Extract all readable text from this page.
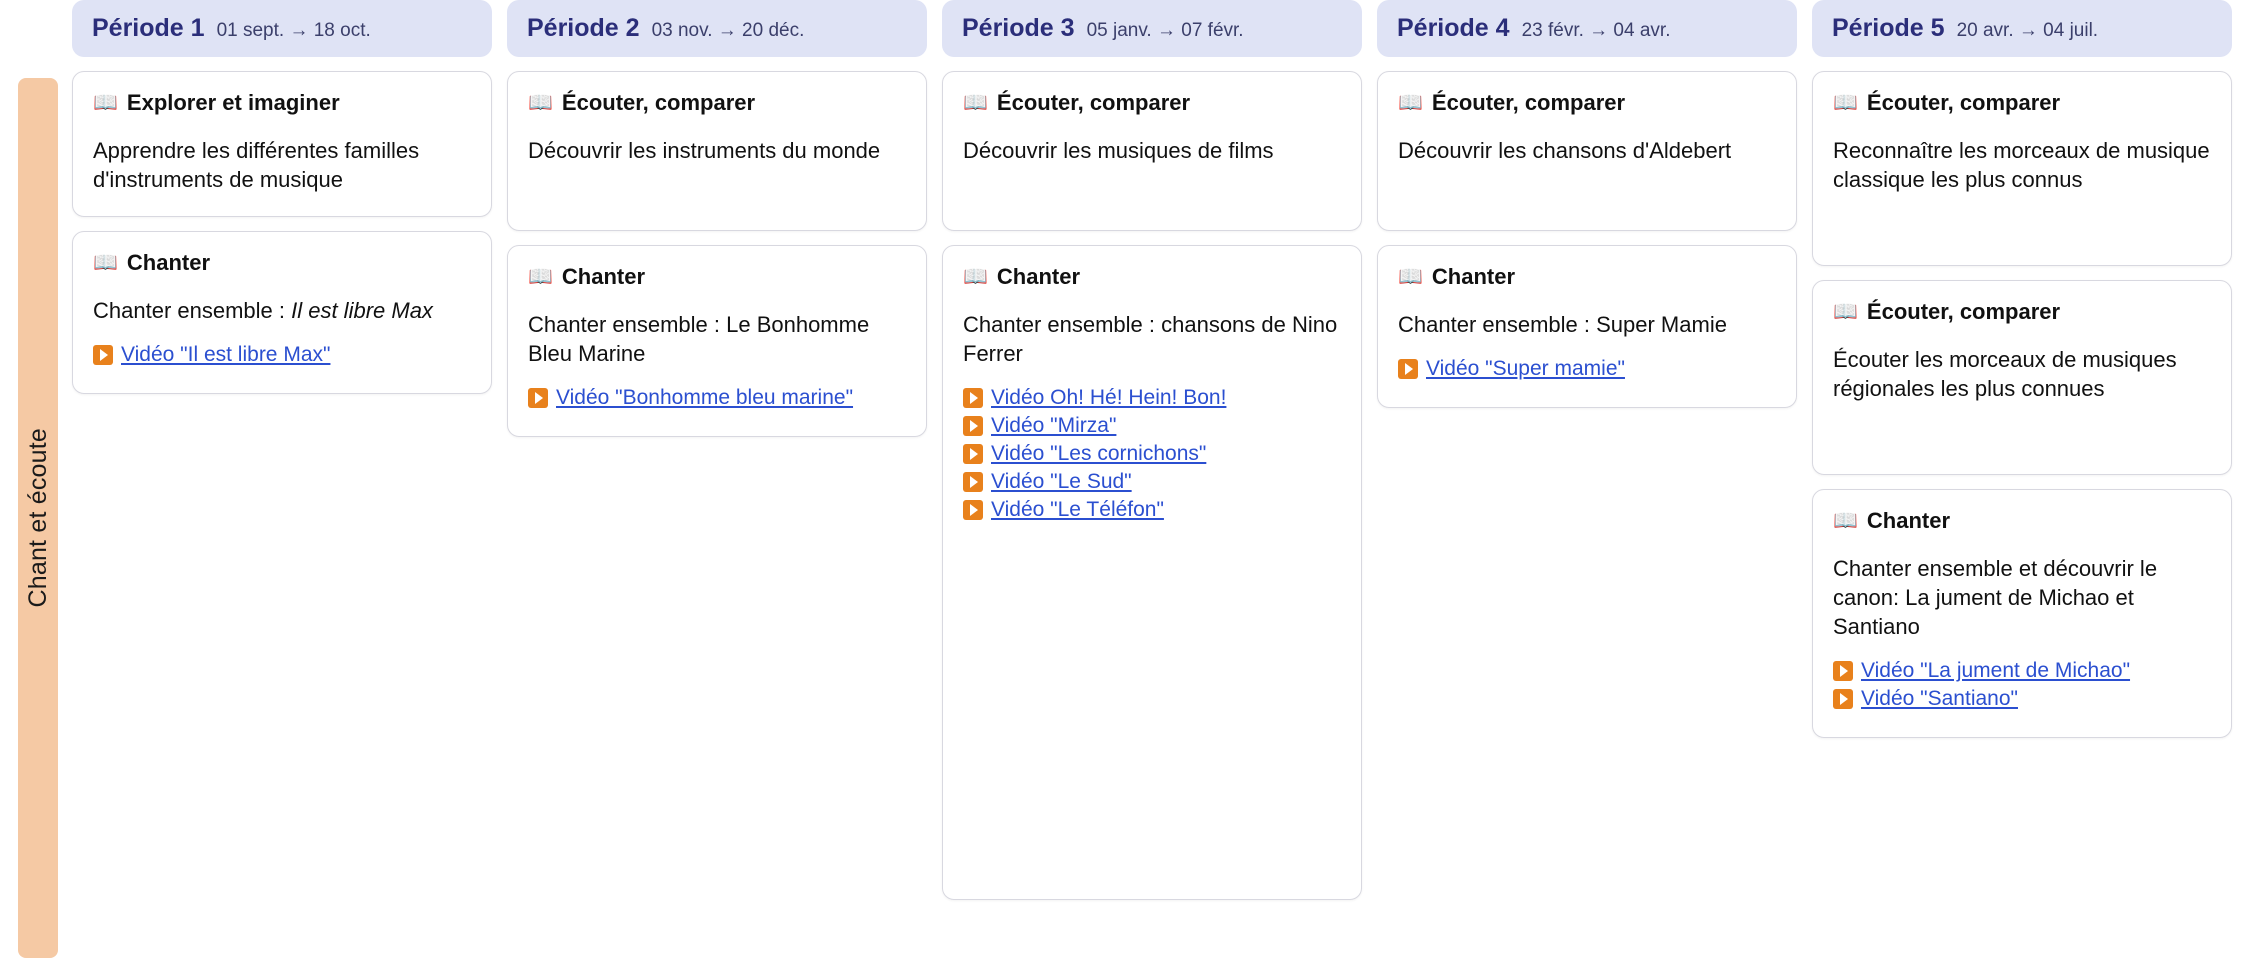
Chant et écoute
Période 1 01 sept. → 18 oct.
📖 Explorer et imaginer
Apprendre les différentes familles d'instruments de musique
📖 Chanter
Chanter ensemble : Il est libre Max
Vidéo "Il est libre Max"
Période 2 03 nov. → 20 déc.
📖 Écouter, comparer
Découvrir les instruments du monde
📖 Chanter
Chanter ensemble : Le Bonhomme Bleu Marine
Vidéo "Bonhomme bleu marine"
Période 3 05 janv. → 07 févr.
📖 Écouter, comparer
Découvrir les musiques de films
📖 Chanter
Chanter ensemble : chansons de Nino Ferrer
Vidéo Oh! Hé! Hein! Bon!
Vidéo "Mirza"
Vidéo "Les cornichons"
Vidéo "Le Sud"
Vidéo "Le Téléfon"
Période 4 23 févr. → 04 avr.
📖 Écouter, comparer
Découvrir les chansons d'Aldebert
📖 Chanter
Chanter ensemble : Super Mamie
Vidéo "Super mamie"
Période 5 20 avr. → 04 juil.
📖 Écouter, comparer
Reconnaître les morceaux de musique classique les plus connus
📖 Écouter, comparer
Écouter les morceaux de musiques régionales les plus connues
📖 Chanter
Chanter ensemble et découvrir le canon: La jument de Michao et Santiano
Vidéo "La jument de Michao"
Vidéo "Santiano"
